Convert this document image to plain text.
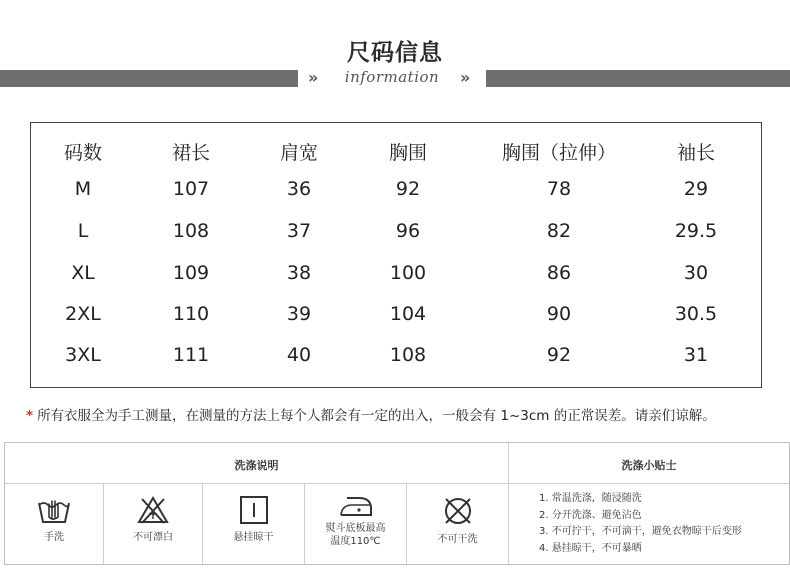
尺码信息
»	information »
码数	裙长	肩宽	胸围	胸围（拉伸）	袖长
M	107	36	92	78	29
L	108	37	96	82	29.5
XL	109	38	100	86	30
2XL	110	39	104	90	30.5
3XL	111	40	108	92	31
* 所有衣服全为手工测量，在测量的方法上每个人都会有一定的出入，一般会有 1~3cm 的正常误差。请亲们谅解。
洗涤说明	洗涤小贴士
手洗	不可漂白	悬挂晾干
熨斗底板最高
温度110℃	不可干洗
1. 常温洗涤，随浸随洗
2. 分开洗涤、避免沾色
3. 不可拧干，不可滴干，避免衣物晾干后变形
4. 悬挂晾干，不可暴晒
